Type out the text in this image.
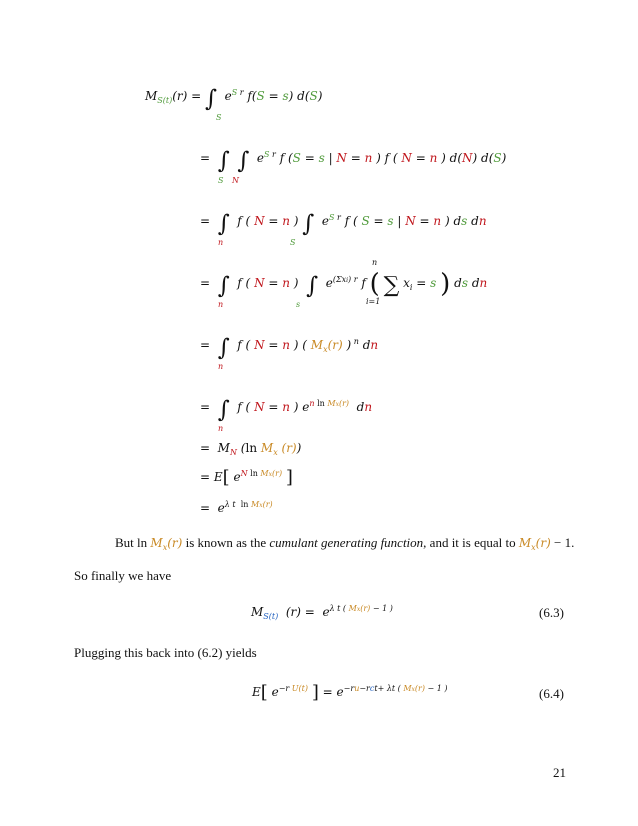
$M_{S(t)}(r)$ = ∫  $e^S$ $^r$ f(S = s) d(S)
S
=  ∫ ∫  $e^S$ $^r$ f (S = s | N = n ) f ( N = n ) d(N) d(S)
S N
=  ∫  f ( N = n ) ∫  $e^S$ $^r$ f ( S = s | N = n ) ds dn
n	S
=  ∫  f ( N = n )  ∫  $e^{(\Sigma xi) r}$ f ( ∑ $x_i = s$ ) ds dn
n	s
n
i=1
=  ∫  f ( N = n ) ( $M_x(r)$ ) $^n$ dn
n
=  ∫  f ( N = n ) $e^{n ln Mx(r)}$  dn
n
=  $M_N$ (ln $M_x$ (r))
= E[ $e^{N ln Mx(r)}$ ]
=  $e^{\lambda t ln Mx(r)}$
But $\ln M_x(r)$ is known as the cumulant generating function, and it is equal to $M_x(r) - 1$.
So finally we have
$M_{S(t)}$  $(r) = e^{\lambda t ( Mx(r) - 1 )}$	(6.3)
Plugging this back into (6.2) yields
E[ $e^{-r U(t)}$ ] = $e^{-ru-rct+ \lambda t ( Mx(r) - 1 )}$	(6.4)
21
